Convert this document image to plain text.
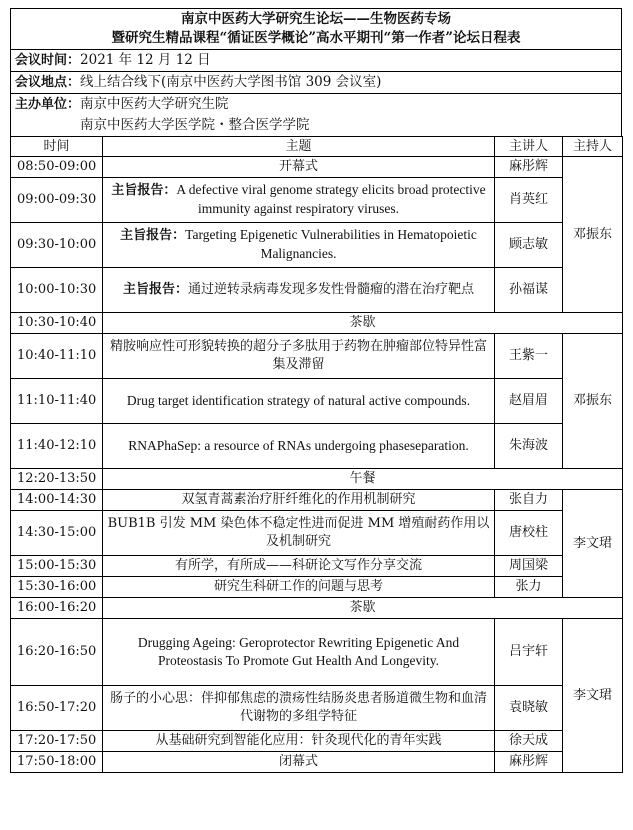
南京中医药大学研究生论坛——生物医药专场
暨研究生精品课程“循证医学概论”高水平期刊“第一作者”论坛日程表
会议时间：2021 年 12 月 12 日
会议地点：线上结合线下(南京中医药大学图书馆 309 会议室)
主办单位： 南京中医药大学研究生院
南京中医药大学医学院・整合医学学院
时间	主题	主讲人	主持人
08:50-09:00	开幕式	麻彤辉	邓振东
09:00-09:30	主旨报告：A defective viral genome strategy elicits broad protective immunity against respiratory viruses.	肖英红	
09:30-10:00	主旨报告：Targeting Epigenetic Vulnerabilities in Hematopoietic Malignancies.	顾志敏	
10:00-10:30	主旨报告：通过逆转录病毒发现多发性骨髓瘤的潜在治疗靶点	孙福谋	
10:30-10:40	茶歇		
10:40-11:10	精胺响应性可形貌转换的超分子多肽用于药物在肿瘤部位特异性富集及滞留	王紫一	邓振东
11:10-11:40	Drug target identification strategy of natural active compounds.	赵眉眉	
11:40-12:10	RNAPhaSep: a resource of RNAs undergoing phaseseparation.	朱海波	
12:20-13:50	午餐		
14:00-14:30	双氢青蒿素治疗肝纤维化的作用机制研究	张自力	李文珺
14:30-15:00	BUB1B 引发 MM 染色体不稳定性进而促进 MM 增殖耐药作用以及机制研究	唐校柱	
15:00-15:30	有所学，有所成——科研论文写作分享交流	周国梁	
15:30-16:00	研究生科研工作的问题与思考	张力	
16:00-16:20	茶歇		
16:20-16:50	Drugging Ageing: Geroprotector Rewriting Epigenetic And Proteostasis To Promote Gut Health And Longevity.	吕宇轩	李文珺
16:50-17:20	肠子的小心思：伴抑郁焦虑的溃疡性结肠炎患者肠道微生物和血清代谢物的多组学特征	袁晓敏	
17:20-17:50	从基础研究到智能化应用：针灸现代化的青年实践	徐天成	
17:50-18:00	闭幕式	麻彤辉	
